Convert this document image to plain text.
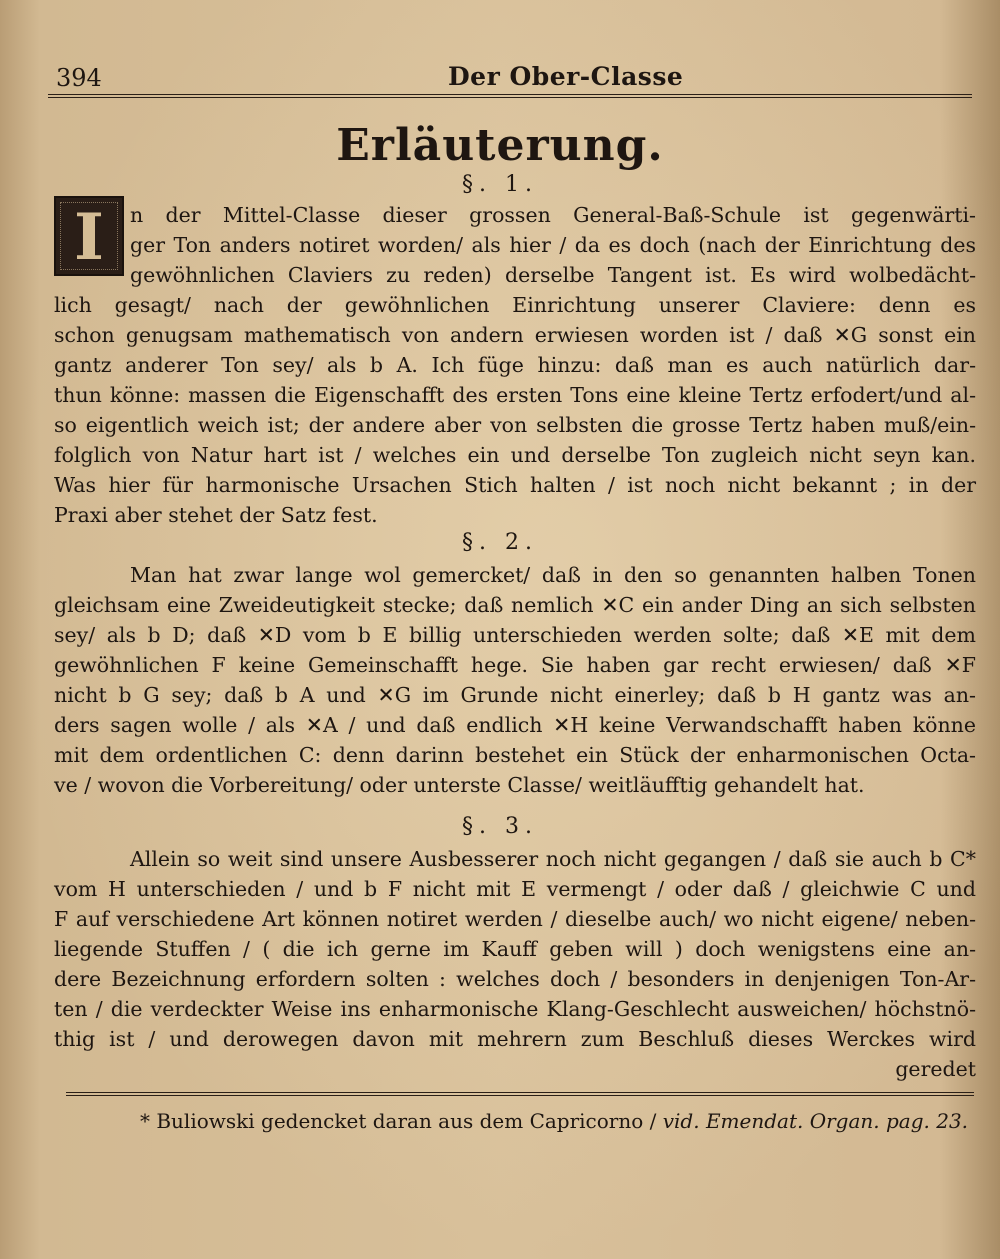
394	Der Ober-Classe
Erläuterung.
§. 1.
I	n der Mittel-Classe dieser grossen General-Baß-Schule ist gegenwärti-
ger Ton anders notiret worden/ als hier / da es doch (nach der Einrichtung des
gewöhnlichen Claviers zu reden) derselbe Tangent ist. Es wird wolbedächt-
lich gesagt/ nach der gewöhnlichen Einrichtung unserer Claviere: denn es
schon genugsam mathematisch von andern erwiesen worden ist / daß ✕G sonst ein
gantz anderer Ton sey/ als b A. Ich füge hinzu: daß man es auch natürlich dar-
thun könne: massen die Eigenschafft des ersten Tons eine kleine Tertz erfodert/und al-
so eigentlich weich ist; der andere aber von selbsten die grosse Tertz haben muß/ein-
folglich von Natur hart ist / welches ein und derselbe Ton zugleich nicht seyn kan.
Was hier für harmonische Ursachen Stich halten / ist noch nicht bekannt ; in der
Praxi aber stehet der Satz fest.
§. 2.
Man hat zwar lange wol gemercket/ daß in den so genannten halben Tonen
gleichsam eine Zweideutigkeit stecke; daß nemlich ✕C ein ander Ding an sich selbsten
sey/ als b D; daß ✕D vom b E billig unterschieden werden solte; daß ✕E mit dem
gewöhnlichen F keine Gemeinschafft hege. Sie haben gar recht erwiesen/ daß ✕F
nicht b G sey; daß b A und ✕G im Grunde nicht einerley; daß b H gantz was an-
ders sagen wolle / als ✕A / und daß endlich ✕H keine Verwandschafft haben könne
mit dem ordentlichen C: denn darinn bestehet ein Stück der enharmonischen Octa-
ve / wovon die Vorbereitung/ oder unterste Classe/ weitläufftig gehandelt hat.
§. 3.
Allein so weit sind unsere Ausbesserer noch nicht gegangen / daß sie auch b C*
vom H unterschieden / und b F nicht mit E vermengt / oder daß / gleichwie C und
F auf verschiedene Art können notiret werden / dieselbe auch/ wo nicht eigene/ neben-
liegende Stuffen / ( die ich gerne im Kauff geben will ) doch wenigstens eine an-
dere Bezeichnung erfordern solten : welches doch / besonders in denjenigen Ton-Ar-
ten / die verdeckter Weise ins enharmonische Klang-Geschlecht ausweichen/ höchstnö-
thig ist / und derowegen davon mit mehrern zum Beschluß dieses Werckes wird
geredet
* Buliowski gedencket daran aus dem Capricorno / vid. Emendat. Organ. pag. 23.
